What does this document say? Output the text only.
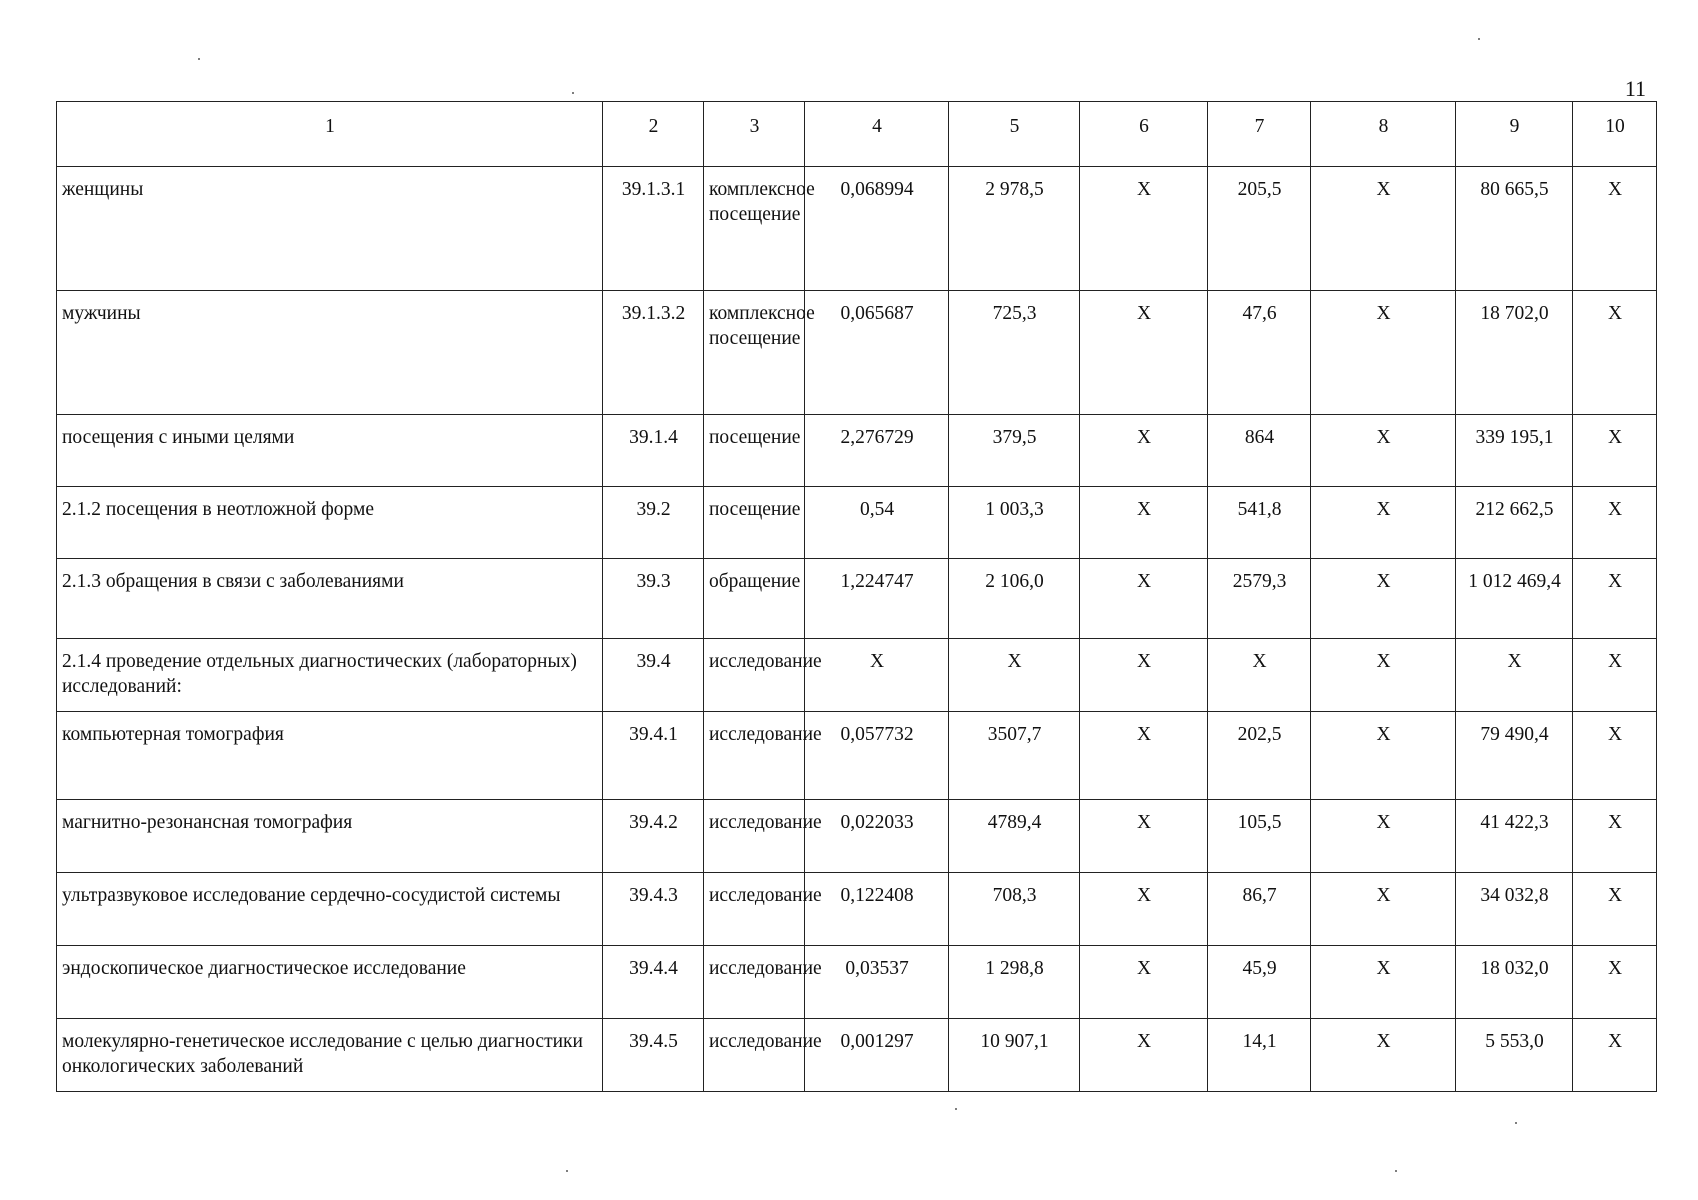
11
1	2	3	4	5	6	7	8	9	10
женщины	39.1.3.1	комплексное посещение	0,068994	2 978,5	Х	205,5	Х	80 665,5	Х
мужчины	39.1.3.2	комплексное посещение	0,065687	725,3	Х	47,6	Х	18 702,0	Х
посещения с иными целями	39.1.4	посещение	2,276729	379,5	Х	864	Х	339 195,1	Х
2.1.2 посещения в неотложной форме	39.2	посещение	0,54	1 003,3	Х	541,8	Х	212 662,5	Х
2.1.3 обращения в связи с заболеваниями	39.3	обращение	1,224747	2 106,0	Х	2579,3	Х	1 012 469,4	Х
2.1.4 проведение отдельных диагностических (лабораторных) исследований:	39.4	исследование	Х	Х	Х	Х	Х	Х	Х
компьютерная томография	39.4.1	исследование	0,057732	3507,7	Х	202,5	Х	79 490,4	Х
магнитно-резонансная томография	39.4.2	исследование	0,022033	4789,4	Х	105,5	Х	41 422,3	Х
ультразвуковое исследование сердечно-сосудистой системы	39.4.3	исследование	0,122408	708,3	Х	86,7	Х	34 032,8	Х
эндоскопическое диагностическое исследование	39.4.4	исследование	0,03537	1 298,8	Х	45,9	Х	18 032,0	Х
молекулярно-генетическое исследование с целью диагностики онкологических заболеваний	39.4.5	исследование	0,001297	10 907,1	Х	14,1	Х	5 553,0	Х
